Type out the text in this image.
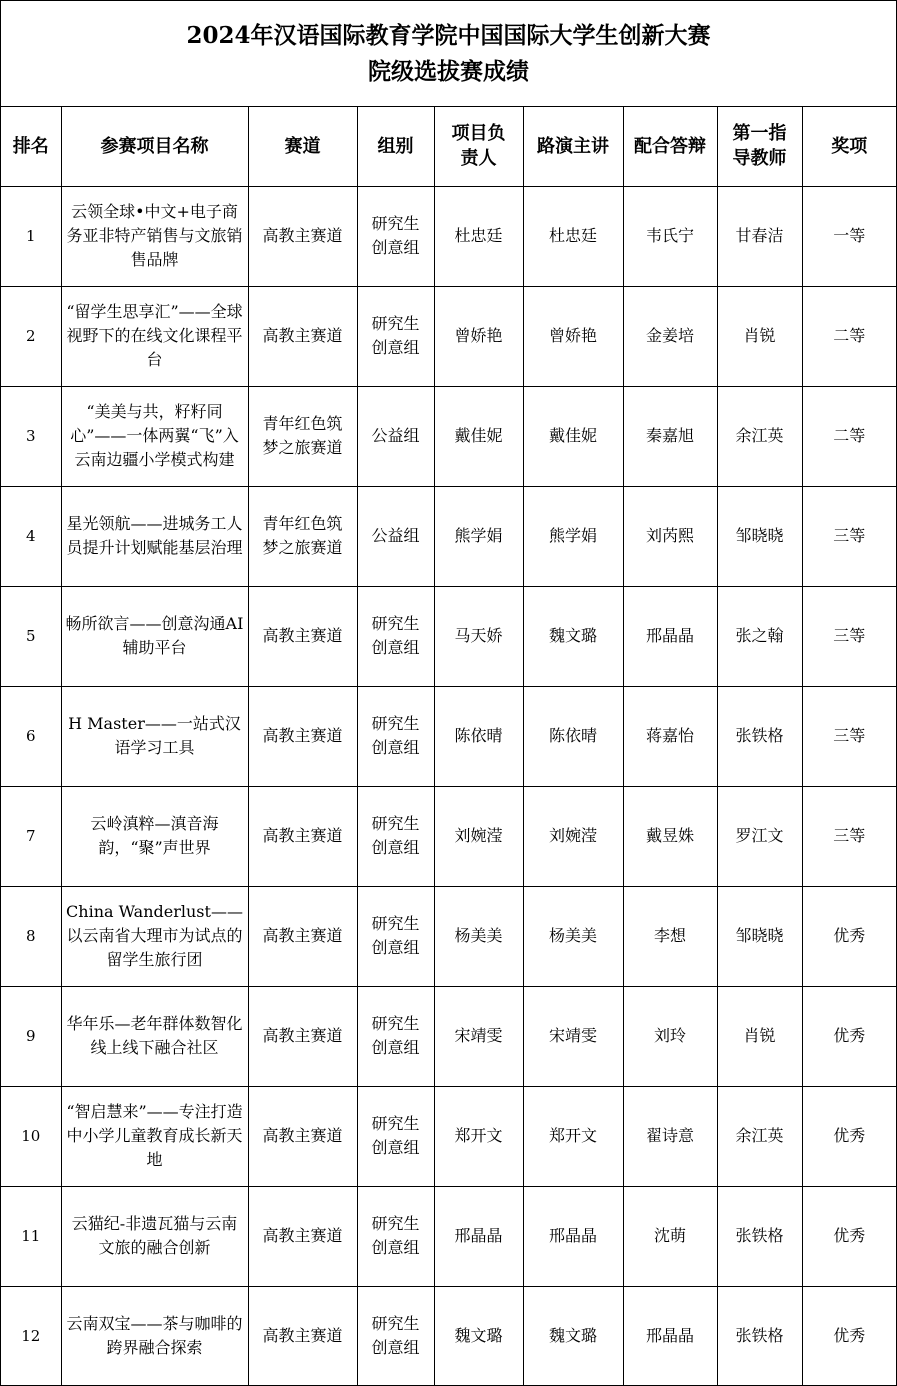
2024年汉语国际教育学院中国国际大学生创新大赛
院级选拔赛成绩
排名	参赛项目名称	赛道	组别	项目负责人	路演主讲	配合答辩	第一指导教师	奖项
1	云领全球•中文+电子商务亚非特产销售与文旅销售品牌	高教主赛道	研究生创意组	杜忠廷	杜忠廷	韦氏宁	甘春洁	一等
2	“留学生思享汇”——全球视野下的在线文化课程平台	高教主赛道	研究生创意组	曾娇艳	曾娇艳	金姜培	肖锐	二等
3	“美美与共，籽籽同心”——一体两翼“飞”入云南边疆小学模式构建	青年红色筑梦之旅赛道	公益组	戴佳妮	戴佳妮	秦嘉旭	余江英	二等
4	星光领航——进城务工人员提升计划赋能基层治理	青年红色筑梦之旅赛道	公益组	熊学娟	熊学娟	刘芮熙	邹晓晓	三等
5	畅所欲言——创意沟通AI 辅助平台	高教主赛道	研究生创意组	马天娇	魏文璐	邢晶晶	张之翰	三等
6	H Master——一站式汉语学习工具	高教主赛道	研究生创意组	陈依晴	陈依晴	蒋嘉怡	张铁格	三等
7	云岭滇粹—滇音海韵，“聚”声世界	高教主赛道	研究生创意组	刘婉滢	刘婉滢	戴昱姝	罗江文	三等
8	China Wanderlust——以云南省大理市为试点的留学生旅行团	高教主赛道	研究生创意组	杨美美	杨美美	李想	邹晓晓	优秀
9	华年乐—老年群体数智化线上线下融合社区	高教主赛道	研究生创意组	宋靖雯	宋靖雯	刘玲	肖锐	优秀
10	“智启慧来”——专注打造中小学儿童教育成长新天地	高教主赛道	研究生创意组	郑开文	郑开文	翟诗意	余江英	优秀
11	云猫纪-非遗瓦猫与云南文旅的融合创新	高教主赛道	研究生创意组	邢晶晶	邢晶晶	沈萌	张铁格	优秀
12	云南双宝——茶与咖啡的跨界融合探索	高教主赛道	研究生创意组	魏文璐	魏文璐	邢晶晶	张铁格	优秀
